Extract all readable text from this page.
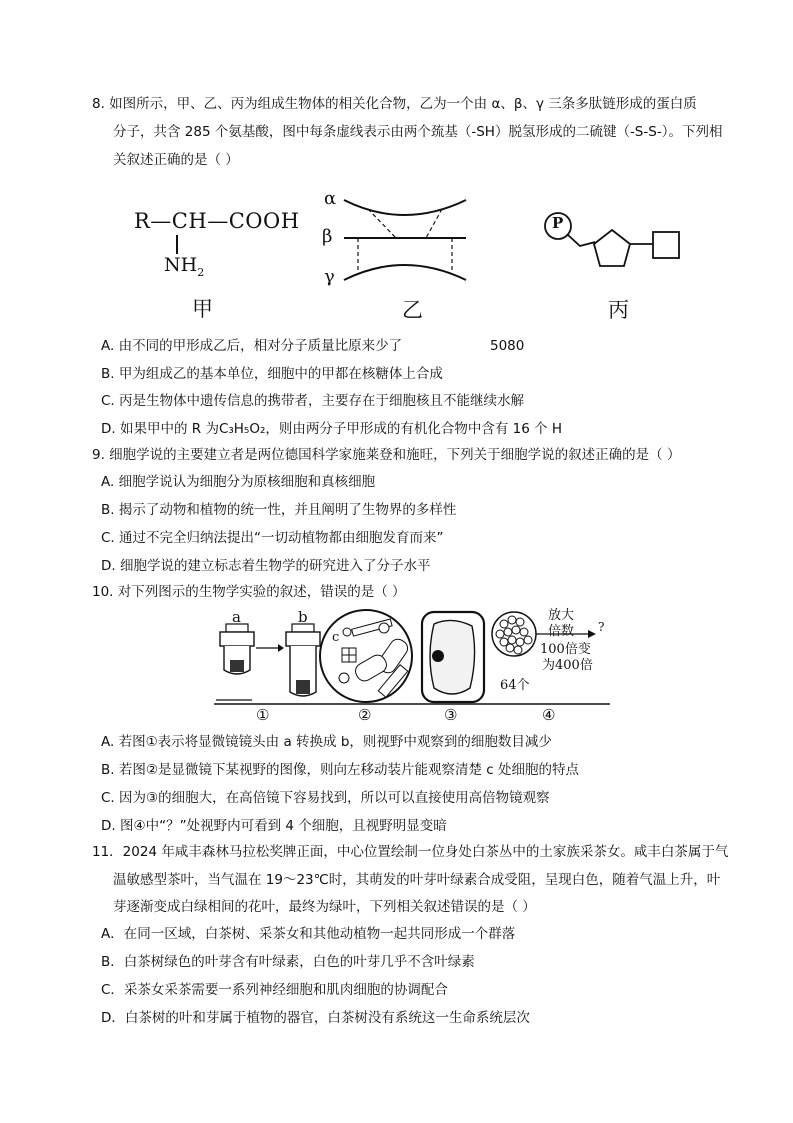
8. 如图所示，甲、乙、丙为组成生物体的相关化合物，乙为一个由 α、β、γ 三条多肽链形成的蛋白质
分子，共含 285 个氨基酸，图中每条虚线表示由两个巯基（-SH）脱氢形成的二硫键（-S-S-）。下列相
关叙述正确的是（ ）
R—CH—COOH
$NH_2$
甲
α
β
γ
乙
P
丙
A. 由不同的甲形成乙后，相对分子质量比原来少了	5080
B. 甲为组成乙的基本单位，细胞中的甲都在核糖体上合成
C. 丙是生物体中遗传信息的携带者，主要存在于细胞核且不能继续水解
D. 如果甲中的 R 为C₃H₅O₂，则由两分子甲形成的有机化合物中含有 16 个 H
9. 细胞学说的主要建立者是两位德国科学家施莱登和施旺，下列关于细胞学说的叙述正确的是（ ）
A. 细胞学说认为细胞分为原核细胞和真核细胞
B. 揭示了动物和植物的统一性，并且阐明了生物界的多样性
C. 通过不完全归纳法提出“一切动植物都由细胞发育而来”
D. 细胞学说的建立标志着生物学的研究进入了分子水平
10. 对下列图示的生物学实验的叙述，错误的是（ ）
a	b
c
64个
放大
倍数
100倍变
为400倍
?
①	②	③	④
A. 若图①表示将显微镜镜头由 a 转换成 b，则视野中观察到的细胞数目减少
B. 若图②是显微镜下某视野的图像，则向左移动装片能观察清楚 c 处细胞的特点
C. 因为③的细胞大，在高倍镜下容易找到，所以可以直接使用高倍物镜观察
D. 图④中“？”处视野内可看到 4 个细胞，且视野明显变暗
11．2024 年咸丰森林马拉松奖牌正面，中心位置绘制一位身处白茶丛中的土家族采茶女。咸丰白茶属于气
温敏感型茶叶，当气温在 19～23℃时，其萌发的叶芽叶绿素合成受阻，呈现白色，随着气温上升，叶
芽逐渐变成白绿相间的花叶，最终为绿叶，下列相关叙述错误的是（ ）
A．在同一区域，白茶树、采茶女和其他动植物一起共同形成一个群落
B．白茶树绿色的叶芽含有叶绿素，白色的叶芽几乎不含叶绿素
C．采茶女采茶需要一系列神经细胞和肌肉细胞的协调配合
D．白茶树的叶和芽属于植物的器官，白茶树没有系统这一生命系统层次
